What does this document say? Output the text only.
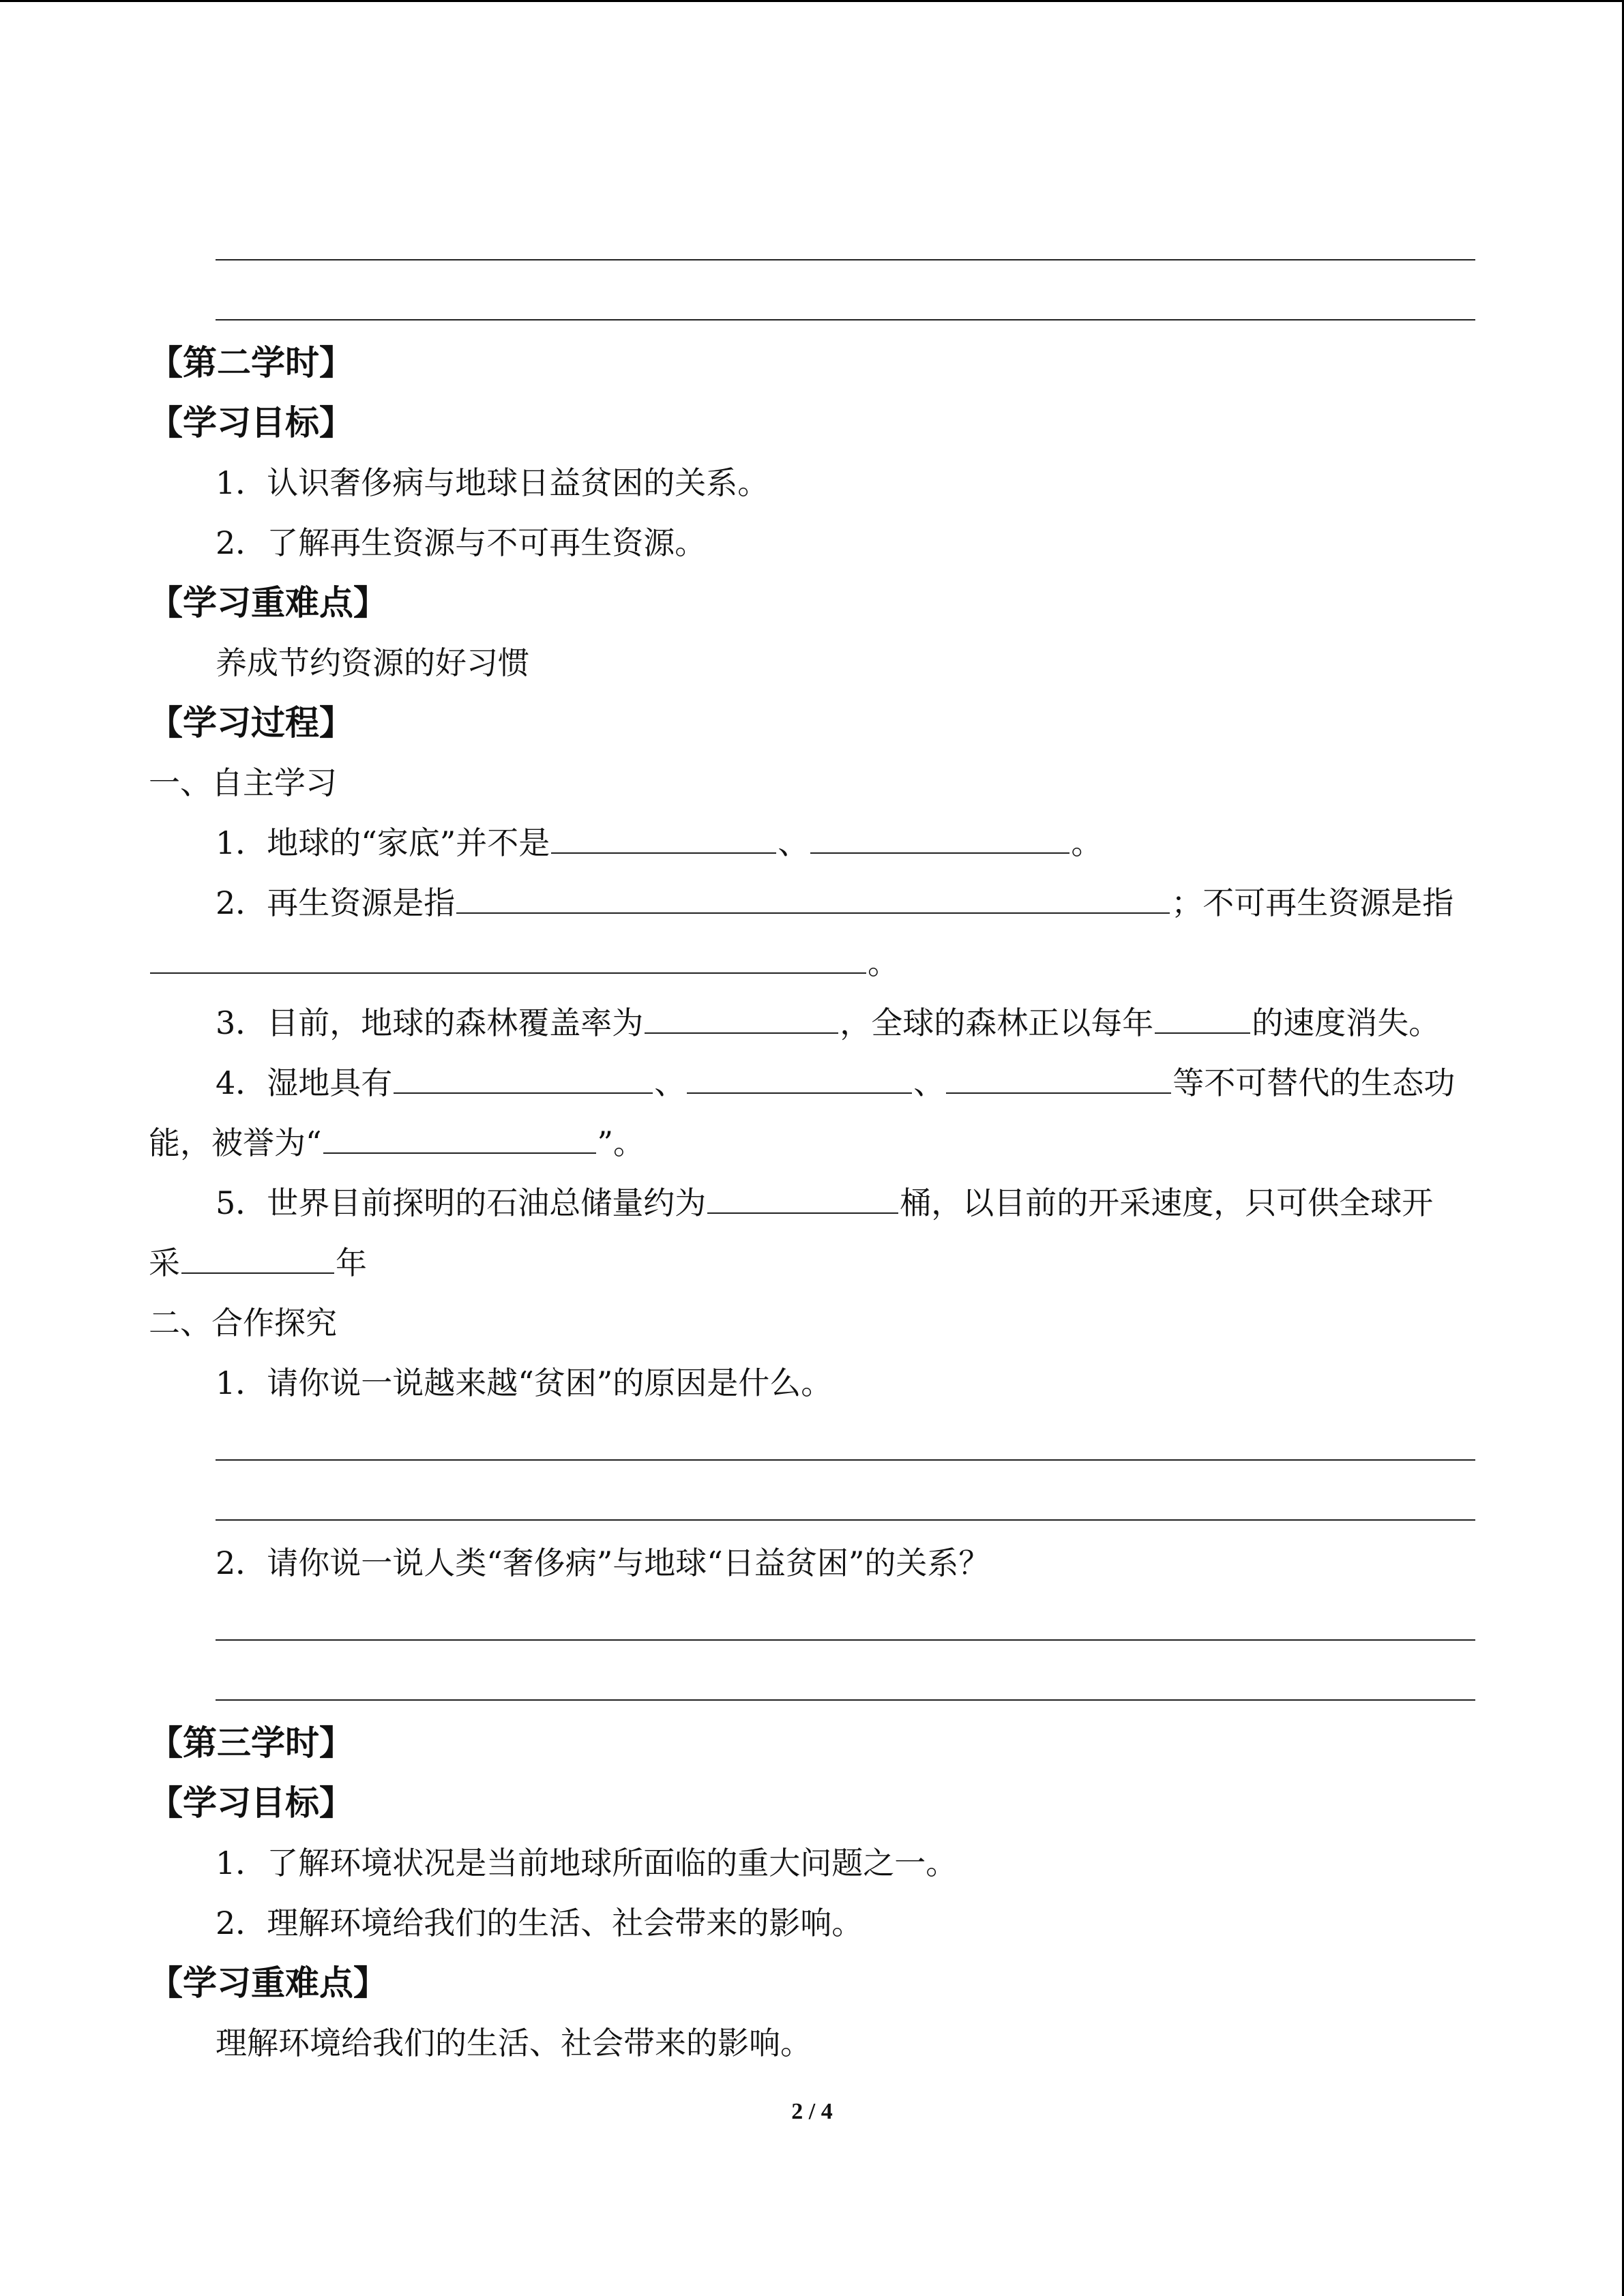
【第二学时】
【学习目标】
1．认识奢侈病与地球日益贫困的关系。
2．了解再生资源与不可再生资源。
【学习重难点】
养成节约资源的好习惯
【学习过程】
一、自主学习
1．地球的“家底”并不是	、	。
2．再生资源是指	；不可再生资源是指
。
3．目前，地球的森林覆盖率为	，全球的森林正以每年	的速度消失。
4．湿地具有	、	、	等不可替代的生态功
能，被誉为“	”。
5．世界目前探明的石油总储量约为	桶，以目前的开采速度，只可供全球开
采	年
二、合作探究
1．请你说一说越来越“贫困”的原因是什么。
2．请你说一说人类“奢侈病”与地球“日益贫困”的关系？
【第三学时】
【学习目标】
1．了解环境状况是当前地球所面临的重大问题之一。
2．理解环境给我们的生活、社会带来的影响。
【学习重难点】
理解环境给我们的生活、社会带来的影响。
2 / 4
